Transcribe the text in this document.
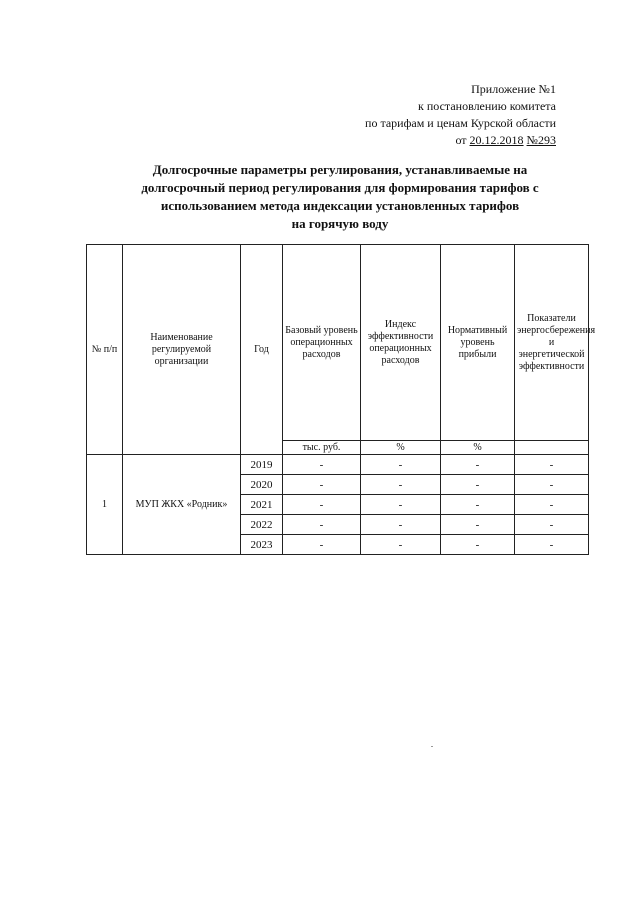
Приложение №1
к постановлению комитета
по тарифам и ценам Курской области
от 20.12.2018 №293
Долгосрочные параметры регулирования, устанавливаемые на
долгосрочный период регулирования для формирования тарифов с
использованием метода индексации установленных тарифов
на горячую воду
№ п/п	Наименование регулируемой организации	Год	Базовый уровень операционных расходов	Индекс эффективности операционных расходов	Нормативный уровень прибыли	Показатели энергосбережения и энергетической эффективности
			тыс. руб.	%	%	
1	МУП ЖКХ «Родник»	2019	-	-	-	-
		2020	-	-	-	-
		2021	-	-	-	-
		2022	-	-	-	-
		2023	-	-	-	-
